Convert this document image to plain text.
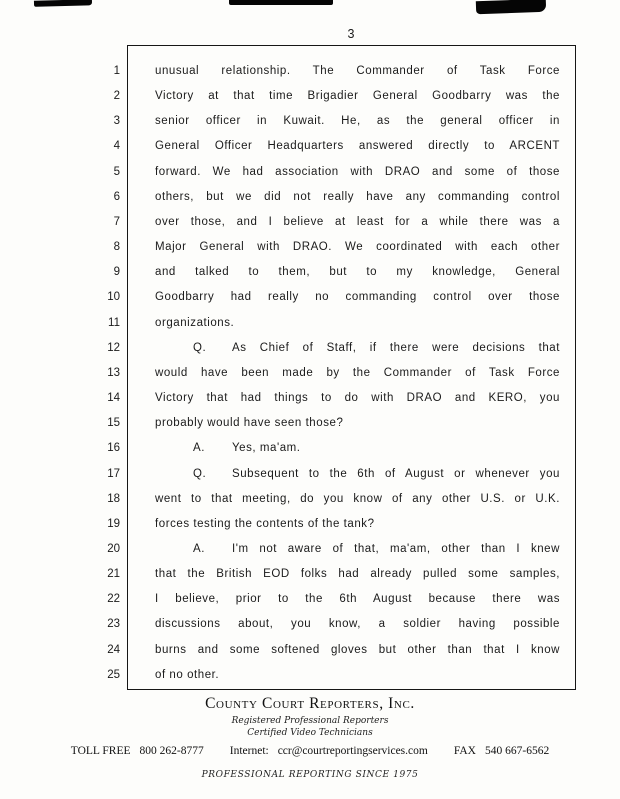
3
1	unusual relationship. The Commander of Task Force
2	Victory at that time Brigadier General Goodbarry was the
3	senior officer in Kuwait. He, as the general officer in
4	General Officer Headquarters answered directly to ARCENT
5	forward. We had association with DRAO and some of those
6	others, but we did not really have any commanding control
7	over those, and I believe at least for a while there was a
8	Major General with DRAO. We coordinated with each other
9	and talked to them, but to my knowledge, General
10	Goodbarry had really no commanding control over those
11	organizations.
12	Q. As Chief of Staff, if there were decisions that
13	would have been made by the Commander of Task Force
14	Victory that had things to do with DRAO and KERO, you
15	probably would have seen those?
16	A. Yes, ma'am.
17	Q. Subsequent to the 6th of August or whenever you
18	went to that meeting, do you know of any other U.S. or U.K.
19	forces testing the contents of the tank?
20	A. I'm not aware of that, ma'am, other than I knew
21	that the British EOD folks had already pulled some samples,
22	I believe, prior to the 6th August because there was
23	discussions about, you know, a soldier having possible
24	burns and some softened gloves but other than that I know
25	of no other.
County Court Reporters, Inc.
Registered Professional Reporters
Certified Video Technicians
TOLL FREE 800 262-8777 Internet: ccr@courtreportingservices.com FAX 540 667-6562
PROFESSIONAL REPORTING SINCE 1975
